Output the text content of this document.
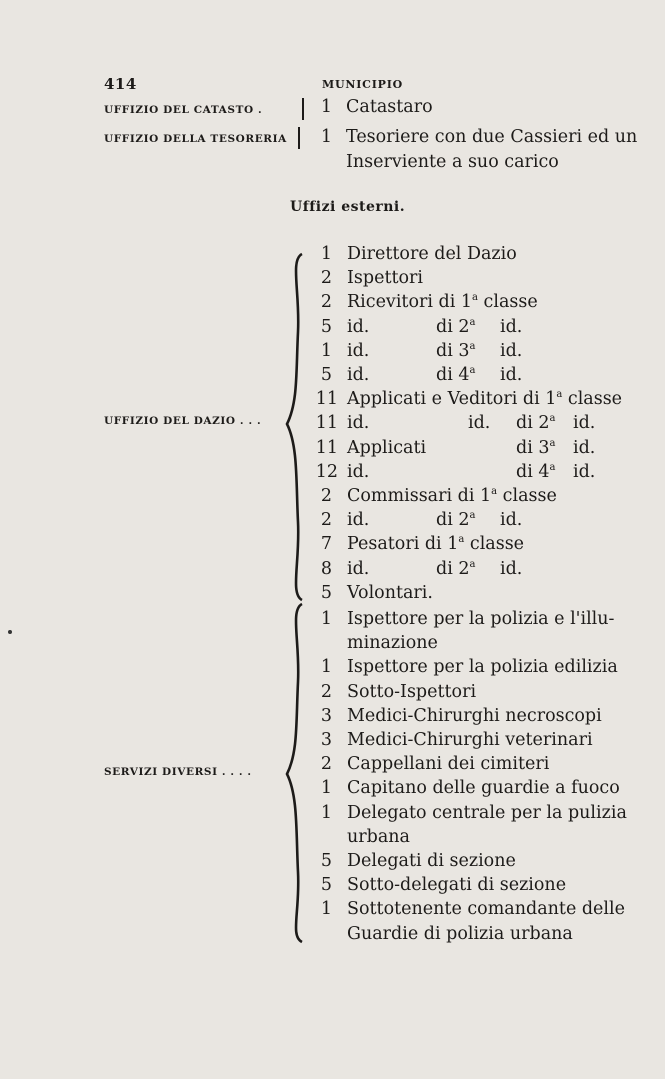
414	MUNICIPIO
UFFIZIO DEL CATASTO .	1 Catastaro
UFFIZIO DELLA TESORERIA	1 Tesoriere con due Cassieri ed un
Inserviente a suo carico
Uffizi esterni.
UFFIZIO DEL DAZIO . . .
1 Direttore del Dazio
2 Ispettori
2 Ricevitori di 1$^a$ classe
5 id.	di 2$^a$ id.
1 id.	di 3$^a$ id.
5 id.	di 4$^a$ id.
11 Applicati e Veditori di 1$^a$ classe
11 id.	id. di 2$^a$ id.
11 Applicati	di 3$^a$ id.
12 id.	di 4$^a$ id.
2 Commissari di 1$^a$ classe
2 id.	di 2$^a$ id.
7 Pesatori di 1$^a$ classe
8 id.	di 2$^a$ id.
5 Volontari.
SERVIZI DIVERSI . . . .
1 Ispettore per la polizia e l'illu-
minazione
1 Ispettore per la polizia edilizia
2 Sotto-Ispettori
3 Medici-Chirurghi necroscopi
3 Medici-Chirurghi veterinari
2 Cappellani dei cimiteri
1 Capitano delle guardie a fuoco
1 Delegato centrale per la pulizia
urbana
5 Delegati di sezione
5 Sotto-delegati di sezione
1 Sottotenente comandante delle
Guardie di polizia urbana
